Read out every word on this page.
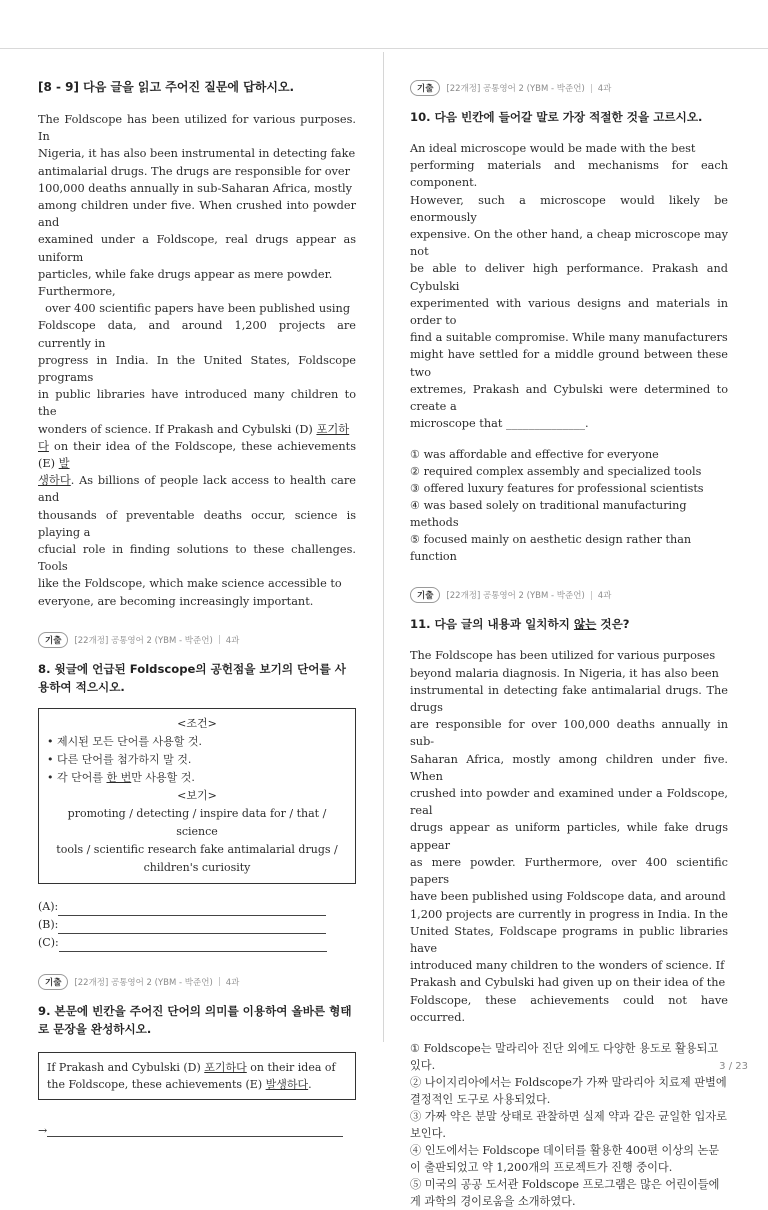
[8 - 9] 다음 글을 읽고 주어진 질문에 답하시오.
The Foldscope has been utilized for various purposes. In
Nigeria, it has also been instrumental in detecting fake
antimalarial drugs. The drugs are responsible for over
100,000 deaths annually in sub-Saharan Africa, mostly
among children under five. When crushed into powder and
examined under a Foldscope, real drugs appear as uniform
particles, while fake drugs appear as mere powder.
Furthermore,
over 400 scientific papers have been published using
Foldscope data, and around 1,200 projects are currently in
progress in India. In the United States, Foldscope programs
in public libraries have introduced many children to the
wonders of science. If Prakash and Cybulski (D) 포기하
다 on their idea of the Foldscope, these achievements (E) 발
생하다. As billions of people lack access to health care and
thousands of preventable deaths occur, science is playing a
cfucial role in finding solutions to these challenges. Tools
like the Foldscope, which make science accessible to
everyone, are becoming increasingly important.
기출	[22개정] 공통영어 2 (YBM - 박준언) 4과
8. 윗글에 언급된 Foldscope의 공헌점을 보기의 단어를 사용하여 적으시오.
<조건>
• 제시된 모든 단어를 사용할 것.
• 다른 단어를 첨가하지 말 것.
• 각 단어를 한 번만 사용할 것.
<보기>
promoting / detecting / inspire data for / that / science
tools / scientific research fake antimalarial drugs /
children's curiosity
(A):
(B):
(C):
기출	[22개정] 공통영어 2 (YBM - 박준언) 4과
9. 본문에 빈칸을 주어진 단어의 의미를 이용하여 올바른 형태로 문장을 완성하시오.
If Prakash and Cybulski (D) 포기하다 on their idea of the Foldscope, these achievements (E) 발생하다.
→
기출	[22개정] 공통영어 2 (YBM - 박준언) 4과
10. 다음 빈칸에 들어갈 말로 가장 적절한 것을 고르시오.
An ideal microscope would be made with the best
performing materials and mechanisms for each component.
However, such a microscope would likely be enormously
expensive. On the other hand, a cheap microscope may not
be able to deliver high performance. Prakash and Cybulski
experimented with various designs and materials in order to
find a suitable compromise. While many manufacturers
might have settled for a middle ground between these two
extremes, Prakash and Cybulski were determined to create a
microscope that ______________.
① was affordable and effective for everyone
② required complex assembly and specialized tools
③ offered luxury features for professional scientists
④ was based solely on traditional manufacturing methods
⑤ focused mainly on aesthetic design rather than function
기출	[22개정] 공통영어 2 (YBM - 박준언) 4과
11. 다음 글의 내용과 일치하지 않는 것은?
The Foldscope has been utilized for various purposes
beyond malaria diagnosis. In Nigeria, it has also been
instrumental in detecting fake antimalarial drugs. The drugs
are responsible for over 100,000 deaths annually in sub-
Saharan Africa, mostly among children under five. When
crushed into powder and examined under a Foldscope, real
drugs appear as uniform particles, while fake drugs appear
as mere powder. Furthermore, over 400 scientific papers
have been published using Foldscope data, and around
1,200 projects are currently in progress in India. In the
United States, Foldscape programs in public libraries have
introduced many children to the wonders of science. If
Prakash and Cybulski had given up on their idea of the
Foldscope, these achievements could not have occurred.
① Foldscope는 말라리아 진단 외에도 다양한 용도로 활용되고 있다.
② 나이지리아에서는 Foldscope가 가짜 말라리아 치료제 판별에 결정적인 도구로 사용되었다.
③ 가짜 약은 분말 상태로 관찰하면 실제 약과 같은 균일한 입자로 보인다.
④ 인도에서는 Foldscope 데이터를 활용한 400편 이상의 논문이 출판되었고 약 1,200개의 프로젝트가 진행 중이다.
⑤ 미국의 공공 도서관 Foldscope 프로그램은 많은 어린이들에게 과학의 경이로움을 소개하였다.
3 / 23
